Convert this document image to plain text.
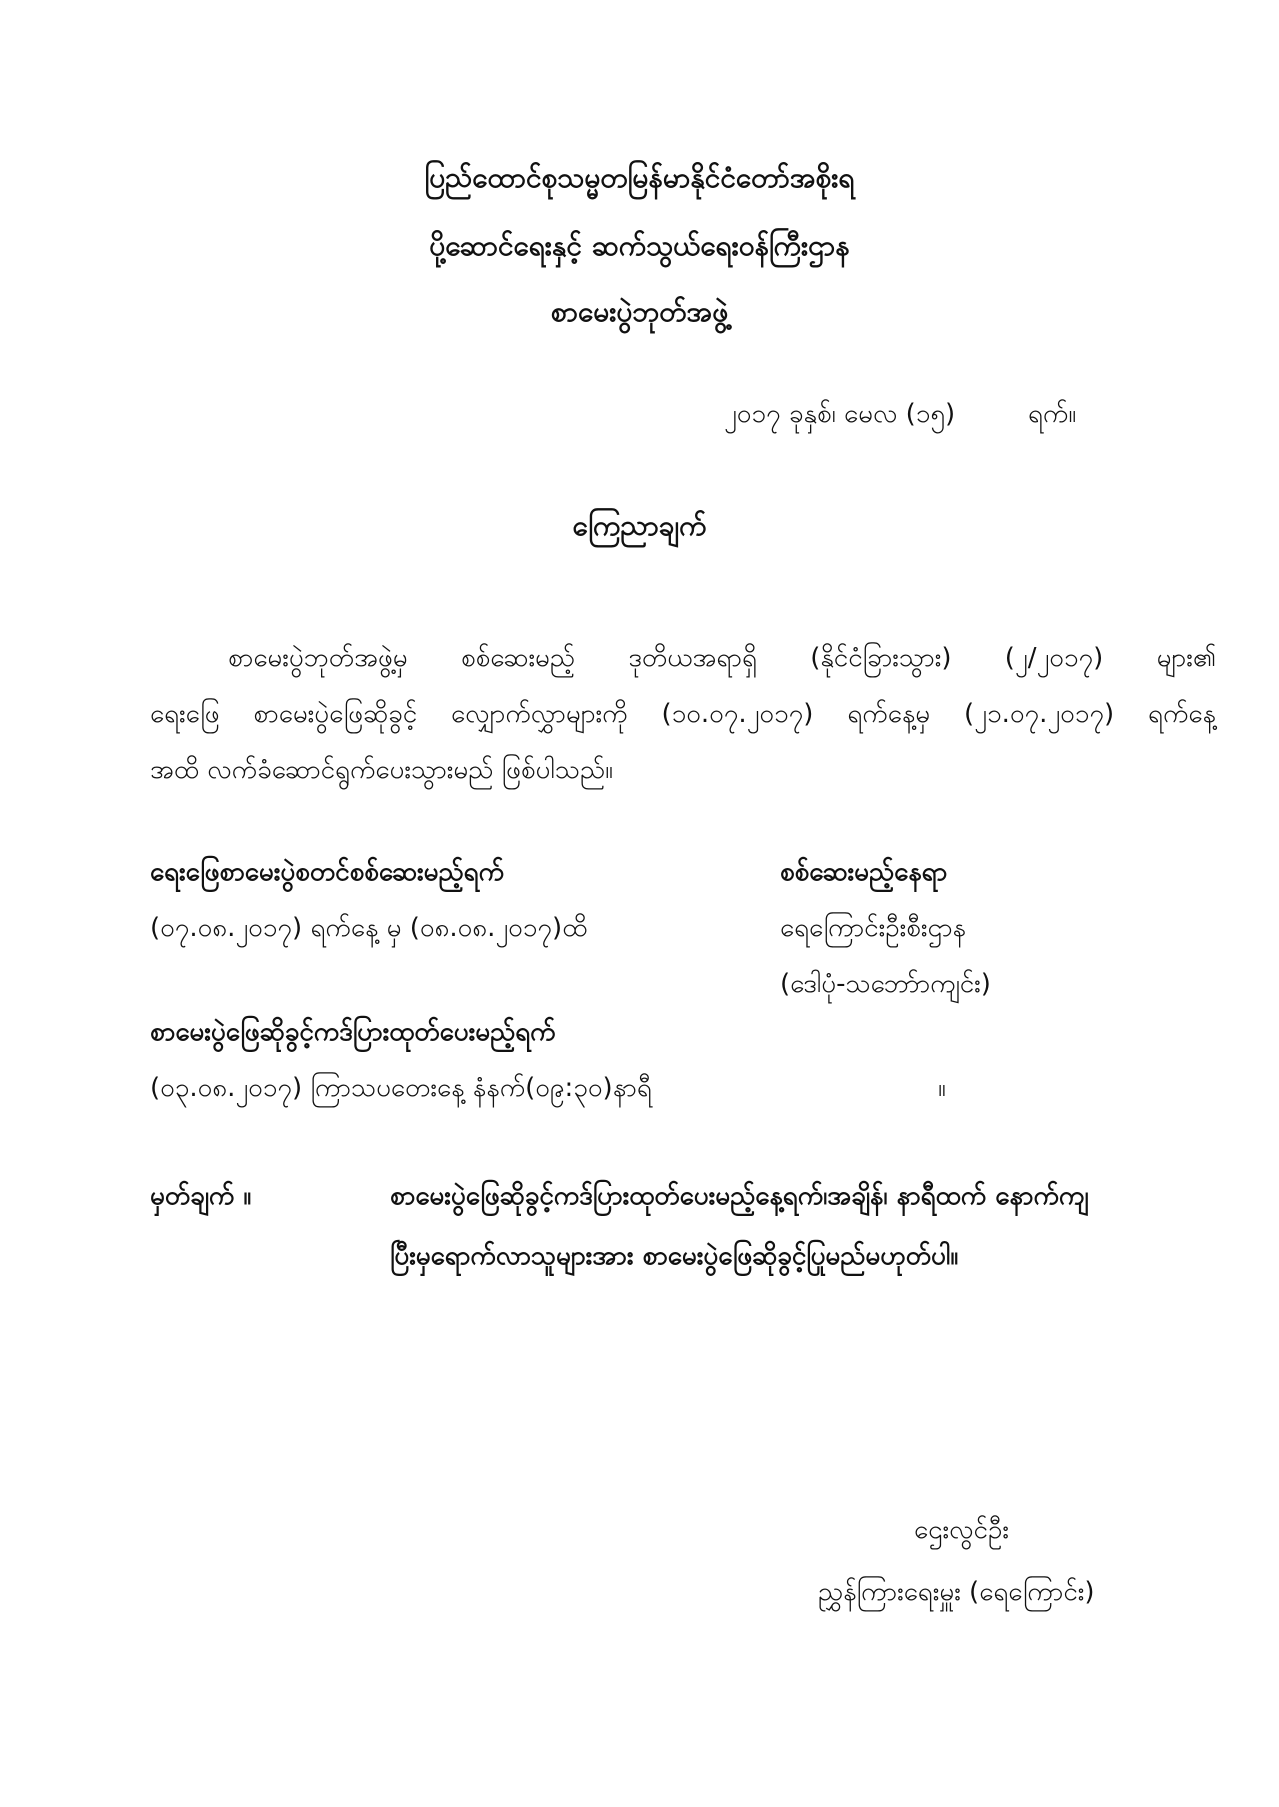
ပြည်ထောင်စုသမ္မတမြန်မာနိုင်ငံတော်အစိုးရ
ပို့ဆောင်ရေးနှင့် ဆက်သွယ်ရေးဝန်ကြီးဌာန
စာမေးပွဲဘုတ်အဖွဲ့
၂၀၁၇ ခုနှစ်၊ မေလ (၁၅)	ရက်။
ကြေညာချက်
စာမေးပွဲဘုတ်အဖွဲ့မှ စစ်ဆေးမည့် ဒုတိယအရာရှိ (နိုင်ငံခြားသွား) (၂/၂၀၁၇) များ၏
ရေးဖြေ စာမေးပွဲဖြေဆိုခွင့် လျှောက်လွှာများကို (၁၀.၀၇.၂၀၁၇) ရက်နေ့မှ (၂၁.၀၇.၂၀၁၇) ရက်နေ့
အထိ လက်ခံဆောင်ရွက်ပေးသွားမည် ဖြစ်ပါသည်။
ရေးဖြေစာမေးပွဲစတင်စစ်ဆေးမည့်ရက်	စစ်ဆေးမည့်နေရာ
(၀၇.၀၈.၂၀၁၇) ရက်နေ့ မှ (၀၈.၀၈.၂၀၁၇)ထိ	ရေကြောင်းဦးစီးဌာန
(ဒေါပုံ-သဘော်ာကျင်း)
စာမေးပွဲဖြေဆိုခွင့်ကဒ်ပြားထုတ်ပေးမည့်ရက်
(၀၃.၀၈.၂၀၁၇) ကြာသပတေးနေ့ နံနက်(၀၉:၃၀)နာရီ	။
မှတ်ချက် ။	စာမေးပွဲဖြေဆိုခွင့်ကဒ်ပြားထုတ်ပေးမည့်နေ့ရက်၊အချိန်၊ နာရီထက် နောက်ကျ
ပြီးမှရောက်လာသူများအား စာမေးပွဲဖြေဆိုခွင့်ပြုမည်မဟုတ်ပါ။
ဌေးလွင်ဦး
ညွှန်ကြားရေးမှူး (ရေကြောင်း)
